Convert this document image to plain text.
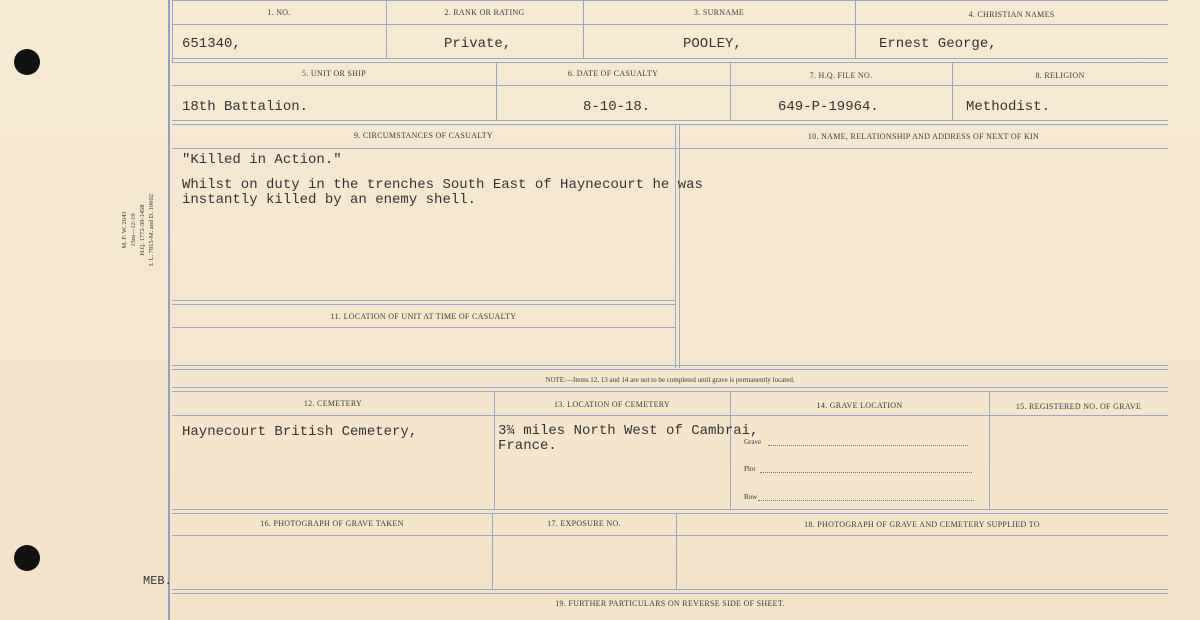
M. F. W. 2643
15m—12-19
H.Q. 1772-39-1458
I. L. 7815-M. and D. 10602
1. NO.	2. RANK OR RATING	3. SURNAME	4. CHRISTIAN NAMES
651340,	Private,	POOLEY,	Ernest George,
5. UNIT OR SHIP	6. DATE OF CASUALTY	7. H.Q. FILE NO.	8. RELIGION
18th Battalion.	8-10-18.	649-P-19964.	Methodist.
9. CIRCUMSTANCES OF CASUALTY	10. NAME, RELATIONSHIP AND ADDRESS OF NEXT OF KIN
"Killed in Action."
Whilst on duty in the trenches South East of Haynecourt he was
instantly killed by an enemy shell.
11. LOCATION OF UNIT AT TIME OF CASUALTY
NOTE:—Items 12, 13 and 14 are not to be completed until grave is permanently located.
12. CEMETERY	13. LOCATION OF CEMETERY	14. GRAVE LOCATION	15. REGISTERED NO. OF GRAVE
Haynecourt British Cemetery,	3¾ miles North West of Cambrai,
France.	Grave
Plot
Row
16. PHOTOGRAPH OF GRAVE TAKEN	17. EXPOSURE NO.	18. PHOTOGRAPH OF GRAVE AND CEMETERY SUPPLIED TO
19. FURTHER PARTICULARS ON REVERSE SIDE OF SHEET.
MEB.
